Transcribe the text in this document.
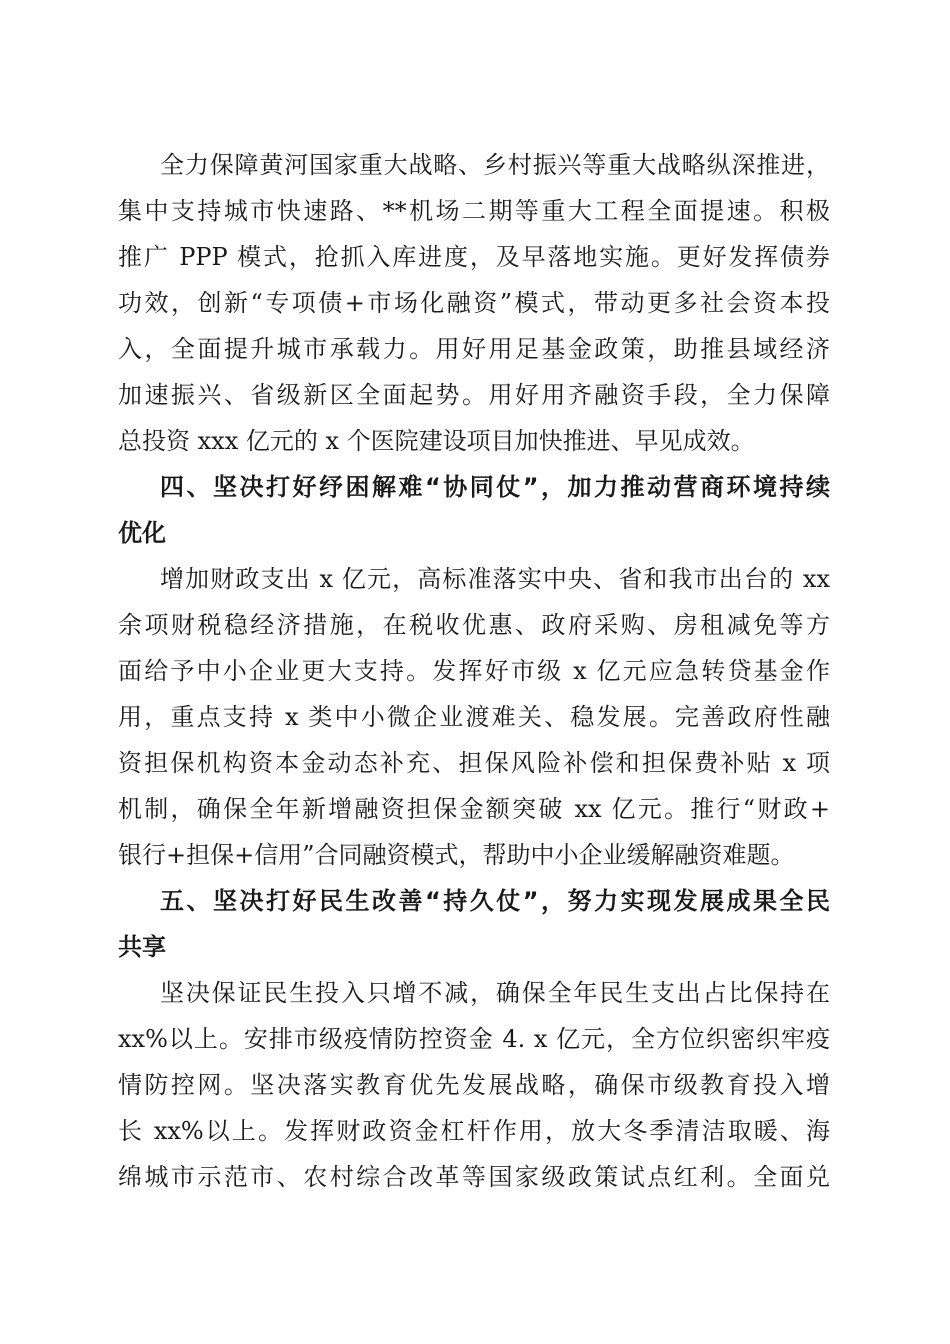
全力保障黄河国家重大战略、乡村振兴等重大战略纵深推进，
集中支持城市快速路、**机场二期等重大工程全面提速。积极
推广 PPP 模式，抢抓入库进度，及早落地实施。更好发挥债券
功效，创新“专项债+市场化融资”模式，带动更多社会资本投
入，全面提升城市承载力。用好用足基金政策，助推县域经济
加速振兴、省级新区全面起势。用好用齐融资手段，全力保障
总投资 xxx 亿元的 x 个医院建设项目加快推进、早见成效。
四、坚决打好纾困解难“协同仗”，加力推动营商环境持续
优化
增加财政支出 x 亿元，高标准落实中央、省和我市出台的 xx
余项财税稳经济措施，在税收优惠、政府采购、房租减免等方
面给予中小企业更大支持。发挥好市级 x 亿元应急转贷基金作
用，重点支持 x 类中小微企业渡难关、稳发展。完善政府性融
资担保机构资本金动态补充、担保风险补偿和担保费补贴 x 项
机制，确保全年新增融资担保金额突破 xx 亿元。推行“财政+
银行+担保+信用”合同融资模式，帮助中小企业缓解融资难题。
五、坚决打好民生改善“持久仗”，努力实现发展成果全民
共享
坚决保证民生投入只增不减，确保全年民生支出占比保持在
xx%以上。安排市级疫情防控资金 4. x 亿元，全方位织密织牢疫
情防控网。坚决落实教育优先发展战略，确保市级教育投入增
长 xx%以上。发挥财政资金杠杆作用，放大冬季清洁取暖、海
绵城市示范市、农村综合改革等国家级政策试点红利。全面兑
